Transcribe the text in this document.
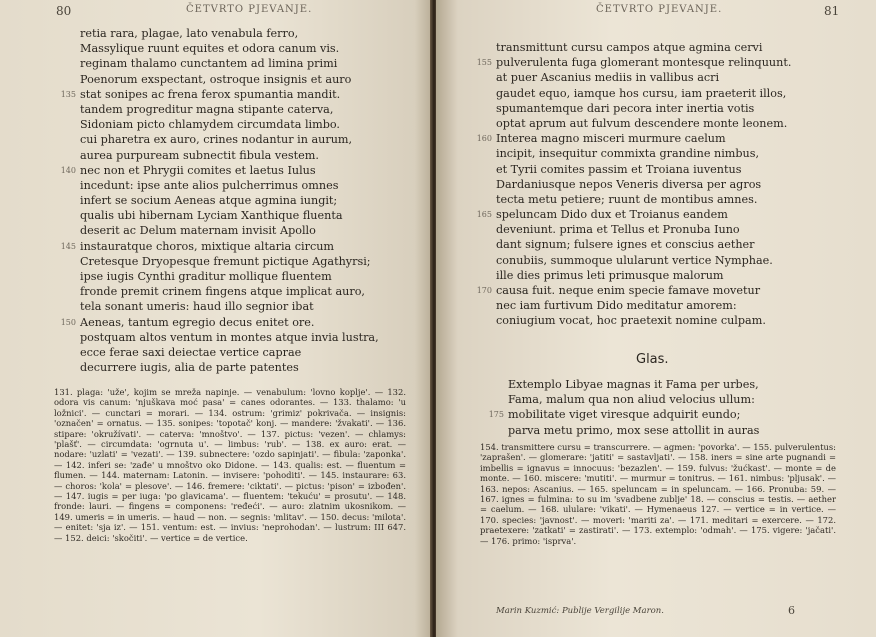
80	ČETVRTO PJEVANJE.
retia rara, plagae, lato venabula ferro,
Massylique ruunt equites et odora canum vis.
reginam thalamo cunctantem ad limina primi
Poenorum exspectant, ostroque insignis et auro
135 stat sonipes ac frena ferox spumantia mandit.
tandem progreditur magna stipante caterva,
Sidoniam picto chlamydem circumdata limbo.
cui pharetra ex auro, crines nodantur in aurum,
aurea purpuream subnectit fibula vestem.
140 nec non et Phrygii comites et laetus Iulus
incedunt: ipse ante alios pulcherrimus omnes
infert se socium Aeneas atque agmina iungit;
qualis ubi hibernam Lyciam Xanthique fluenta
deserit ac Delum maternam invisit Apollo
145 instauratque choros, mixtique altaria circum
Cretesque Dryopesque fremunt pictique Agathyrsi;
ipse iugis Cynthi graditur mollique fluentem
fronde premit crinem fingens atque implicat auro,
tela sonant umeris: haud illo segnior ibat
150 Aeneas, tantum egregio decus enitet ore.
postquam altos ventum in montes atque invia lustra,
ecce ferae saxi deiectae vertice caprae
decurrere iugis, alia de parte patentes

131. plaga: 'uže', kojim se mreža napinje. — venabulum: 'lovno koplje'. — 132. odora vis canum: 'njuškava moć pasa' = canes odorantes. — 133. thalamo: 'u ložnici'. — cunctari = morari. — 134. ostrum: 'grimiz' pokrivača. — insignis: 'označen' = ornatus. — 135. sonipes: 'topotač' konj. — mandere: 'žvakati'. — 136. stipare: 'okružívati'. — caterva: 'mnoštvo'. — 137. pictus: 'vezen'. — chlamys: 'plašť'. — circumdata: 'ogrnuta u'. — limbus: 'rub'. — 138. ex auro: erat. — nodare: 'uzlati' = 'vezati'. — 139. subnectere: 'ozdo sapinjati'. — fibula: 'zaponka'. — 142. inferi se: 'zađe' u mnoštvo oko Didone. — 143. qualis: est. — fluentum = flumen. — 144. maternam: Latonin. — invisere: 'pohoditi'. — 145. instaurare: 63. — choros: 'kola' = plesove'. — 146. fremere: 'ciktati'. — pictus: 'pison' = izbođen'. — 147. iugis = per iuga: 'po glavicama'. — fluentem: 'tekuću' = prosutu'. — 148. fronde: lauri. — fingens = componens: 'ređeći'. — auro: zlatnim ukosnikom. — 149. umeris = in umeris. — haud — non. — segnis: 'mlitav'. — 150. decus: 'milota'. — enitet: 'sja iz'. — 151. ventum: est. — invius: 'neprohodan'. — lustrum: III 647. — 152. deici: 'skočiti'. — vertice = de vertice.

ČETVRTO PJEVANJE.	81
transmittunt cursu campos atque agmina cervi
155 pulverulenta fuga glomerant montesque relinquunt.
at puer Ascanius mediis in vallibus acri
gaudet equo, iamque hos cursu, iam praeterit illos,
spumantemque dari pecora inter inertia votis
optat aprum aut fulvum descendere monte leonem.
160 Interea magno misceri murmure caelum
incipit, insequitur commixta grandine nimbus,
et Tyrii comites passim et Troiana iuventus
Dardaniusque nepos Veneris diversa per agros
tecta metu petiere; ruunt de montibus amnes.
165 speluncam Dido dux et Troianus eandem
deveniunt. prima et Tellus et Pronuba Iuno
dant signum; fulsere ignes et conscius aether
conubiis, summoque ulularunt vertice Nymphae.
ille dies primus leti primusque malorum
170 causa fuit. neque enim specie famave movetur
nec iam furtivum Dido meditatur amorem:
coniugium vocat, hoc praetexit nomine culpam.
Glas.
Extemplo Libyae magnas it Fama per urbes,
Fama, malum qua non aliud velocius ullum:
175 mobilitate viget viresque adquirit eundo;
parva metu primo, mox sese attollit in auras

154. transmittere cursu = transcurrere. — agmen: 'povorka'. — 155. pulverulentus: 'zaprašen'. — glomerare: 'jatiti' = sastavljati'. — 158. iners = sine arte pugnandi = imbellis = ignavus = innocuus: 'bezazlen'. — 159. fulvus: 'žućkast'. — monte = de monte. — 160. miscere: 'mutiti'. — murmur = tonitrus. — 161. nimbus: 'pljusak'. — 163. nepos: Ascanius. — 165. speluncam = in speluncam. — 166. Pronuba: 59. — 167. ignes = fulmina: to su im 'svadbene zublje' 18. — conscius = testis. — aether = caelum. — 168. ululare: 'vikati'. — Hymenaeus 127. — vertice = in vertice. — 170. species: 'javnost'. — moveri: 'mariti za'. — 171. meditari = exercere. — 172. praetexere: 'zatkati' = zastirati'. — 173. extemplo: 'odmah'. — 175. vigere: 'jačati'. — 176. primo: 'isprva'.

Marin Kuzmić: Publije Vergilije Maron.	6
